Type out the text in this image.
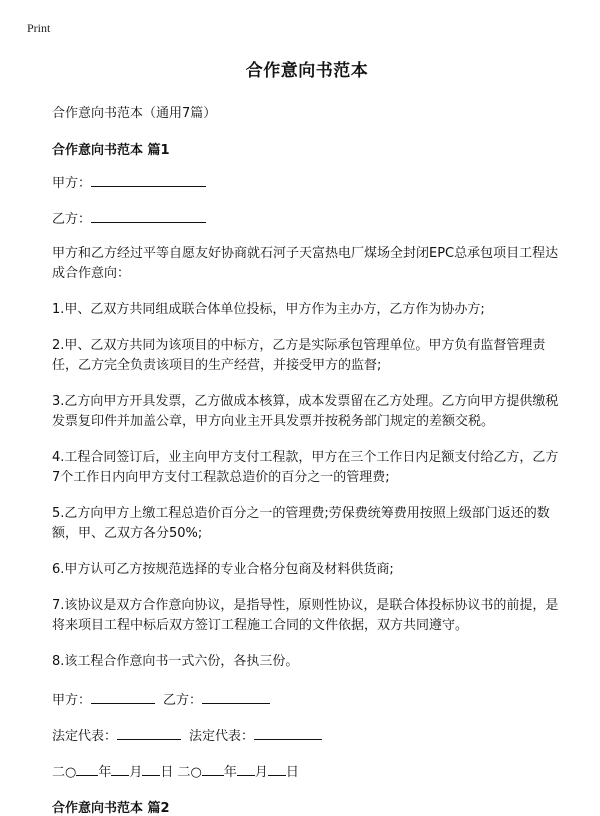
Print
合作意向书范本
合作意向书范本（通用7篇）
合作意向书范本 篇1
甲方：
乙方：
甲方和乙方经过平等自愿友好协商就石河子天富热电厂煤场全封闭EPC总承包项目工程达成合作意向：
1.甲、乙双方共同组成联合体单位投标，甲方作为主办方，乙方作为协办方;
2.甲、乙双方共同为该项目的中标方，乙方是实际承包管理单位。甲方负有监督管理责任，乙方完全负责该项目的生产经营，并接受甲方的监督;
3.乙方向甲方开具发票，乙方做成本核算，成本发票留在乙方处理。乙方向甲方提供缴税发票复印件并加盖公章，甲方向业主开具发票并按税务部门规定的差额交税。
4.工程合同签订后，业主向甲方支付工程款，甲方在三个工作日内足额支付给乙方，乙方7个工作日内向甲方支付工程款总造价的百分之一的管理费;
5.乙方向甲方上缴工程总造价百分之一的管理费;劳保费统筹费用按照上级部门返还的数额，甲、乙双方各分50%;
6.甲方认可乙方按规范选择的专业合格分包商及材料供货商;
7.该协议是双方合作意向协议，是指导性，原则性协议，是联合体投标协议书的前提，是将来项目工程中标后双方签订工程施工合同的文件依据，双方共同遵守。
8.该工程合作意向书一式六份，各执三份。
甲方：	乙方：
法定代表：	法定代表：
二○ 年 月 日 二○ 年 月 日
合作意向书范本 篇2
